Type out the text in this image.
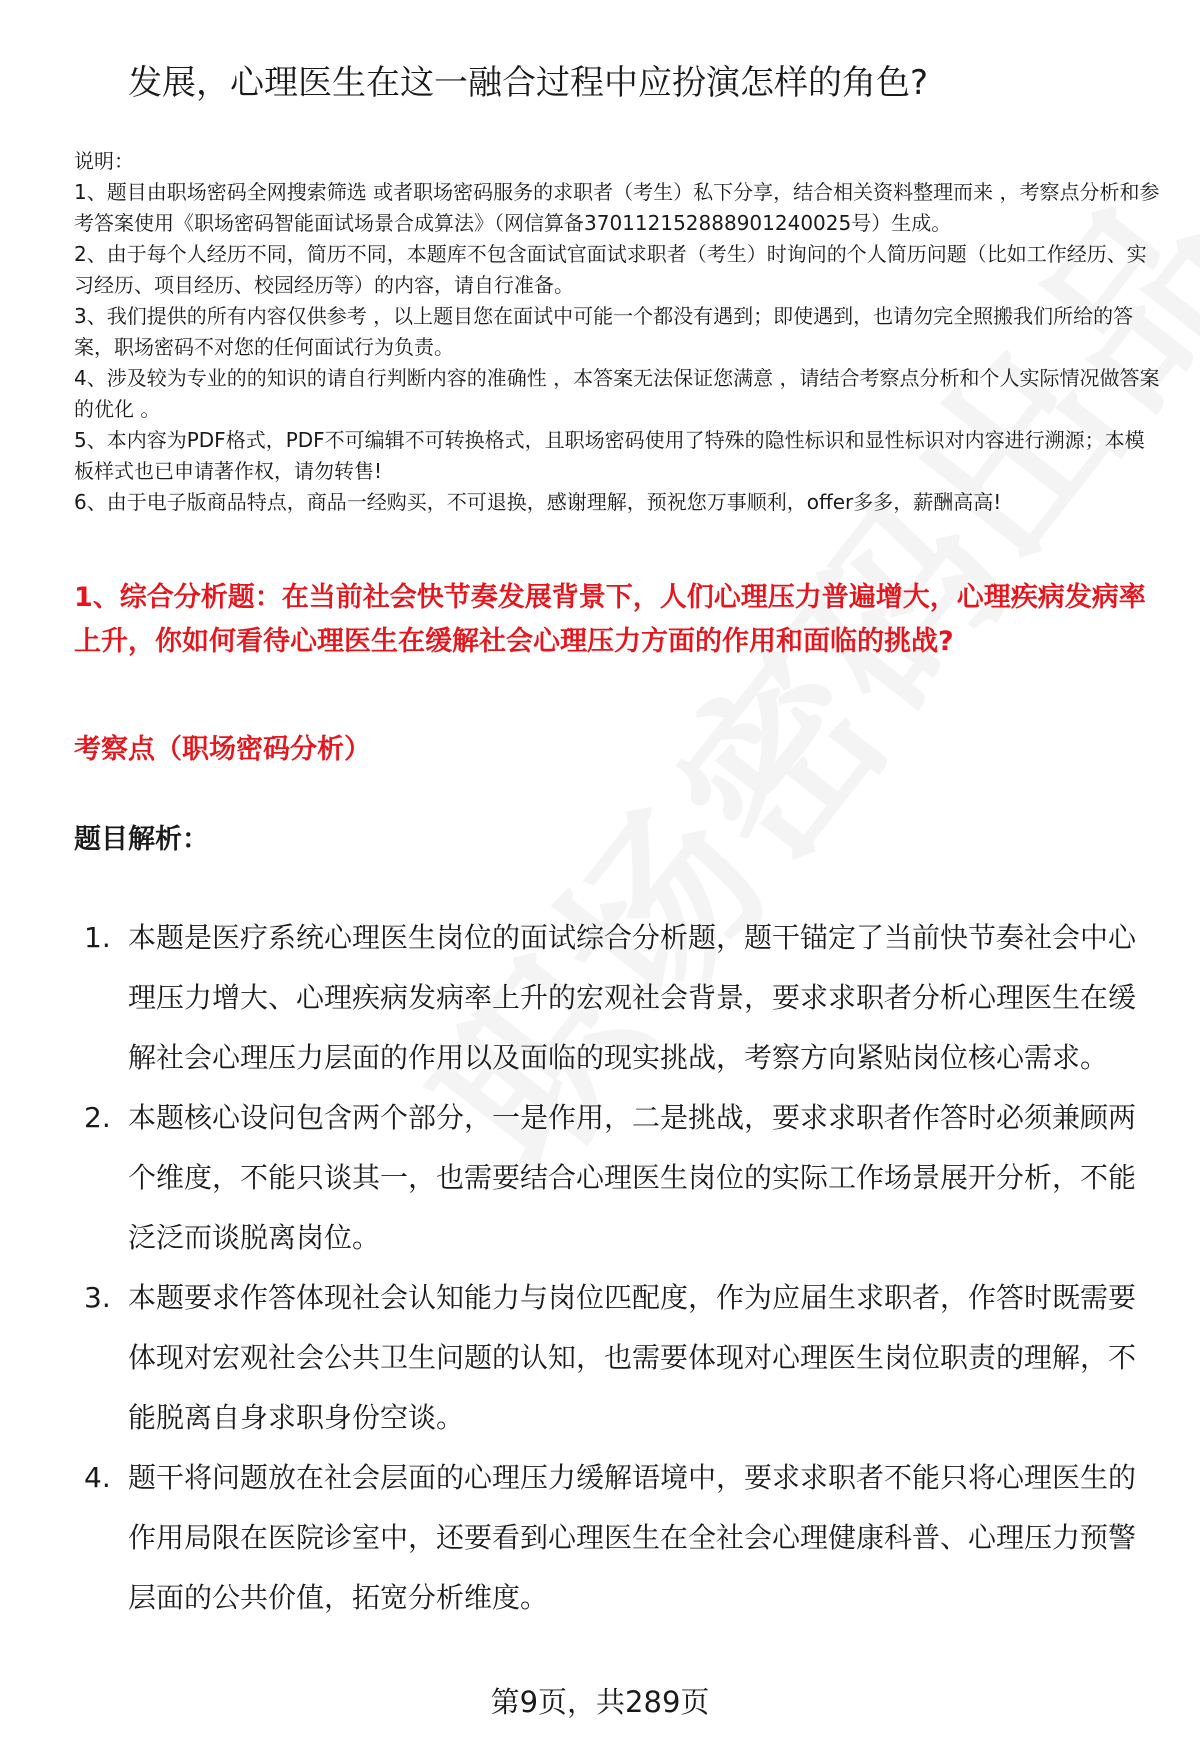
发展，心理医生在这一融合过程中应扮演怎样的角色?

说明：

1、题目由职场密码全网搜索筛选 或者职场密码服务的求职者（考生）私下分享，结合相关资料整理而来 ，考察点分析和参考答案使用《职场密码智能面试场景合成算法》（网信算备370112152888901240025号）生成。

2、由于每个人经历不同，简历不同，本题库不包含面试官面试求职者（考生）时询问的个人简历问题（比如工作经历、实习经历、项目经历、校园经历等）的内容，请自行准备。

3、我们提供的所有内容仅供参考 ，以上题目您在面试中可能一个都没有遇到；即使遇到，也请勿完全照搬我们所给的答案，职场密码不对您的任何面试行为负责。

4、涉及较为专业的的知识的请自行判断内容的准确性 ，本答案无法保证您满意 ，请结合考察点分析和个人实际情况做答案的优化 。

5、本内容为PDF格式，PDF不可编辑不可转换格式，且职场密码使用了特殊的隐性标识和显性标识对内容进行溯源；本模板样式也已申请著作权，请勿转售!

6、由于电子版商品特点，商品一经购买，不可退换，感谢理解，预祝您万事顺利，offer多多，薪酬高高!

1、综合分析题：在当前社会快节奏发展背景下，人们心理压力普遍增大，心理疾病发病率上升，你如何看待心理医生在缓解社会心理压力方面的作用和面临的挑战?
考察点（职场密码分析）
题目解析：
1. 本题是医疗系统心理医生岗位的面试综合分析题，题干锚定了当前快节奏社会中心理压力增大、心理疾病发病率上升的宏观社会背景，要求求职者分析心理医生在缓解社会心理压力层面的作用以及面临的现实挑战，考察方向紧贴岗位核心需求。
2. 本题核心设问包含两个部分，一是作用，二是挑战，要求求职者作答时必须兼顾两个维度，不能只谈其一，也需要结合心理医生岗位的实际工作场景展开分析，不能泛泛而谈脱离岗位。
3. 本题要求作答体现社会认知能力与岗位匹配度，作为应届生求职者，作答时既需要体现对宏观社会公共卫生问题的认知，也需要体现对心理医生岗位职责的理解，不能脱离自身求职身份空谈。
4. 题干将问题放在社会层面的心理压力缓解语境中，要求求职者不能只将心理医生的作用局限在医院诊室中，还要看到心理医生在全社会心理健康科普、心理压力预警层面的公共价值，拓宽分析维度。
第9页，共289页
